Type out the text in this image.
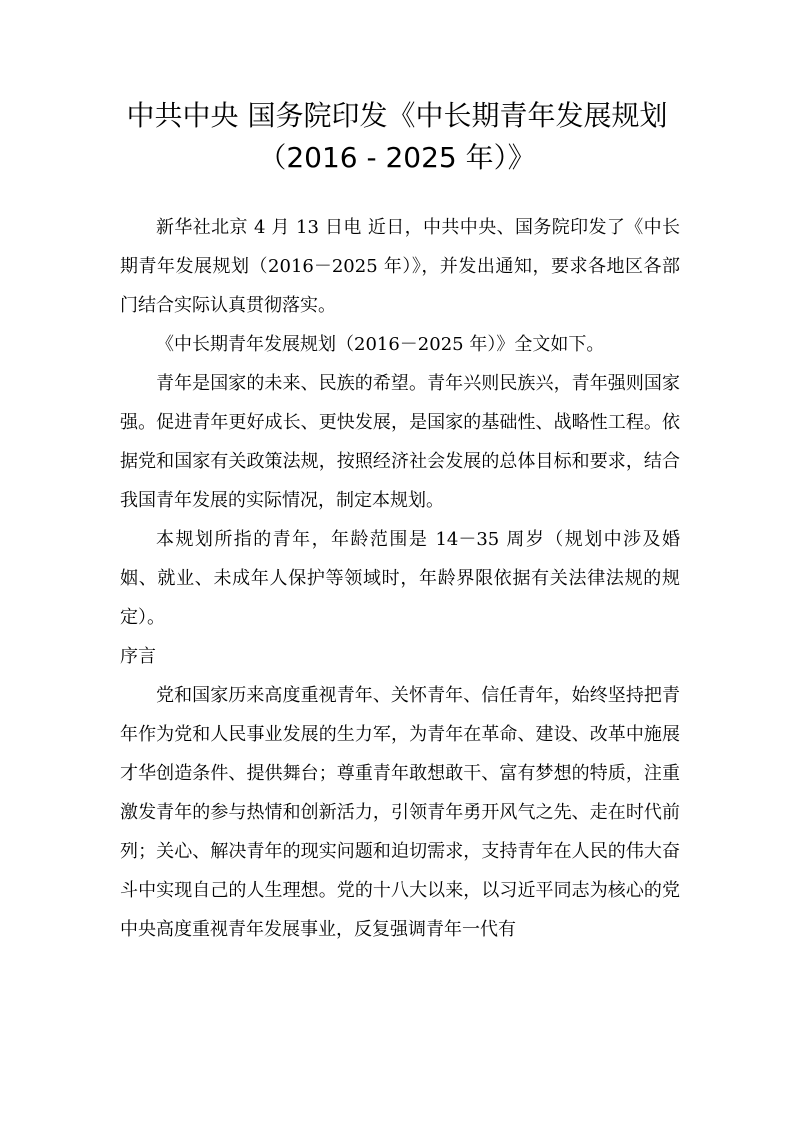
中共中央 国务院印发《中长期青年发展规划（2016 - 2025 年）》

新华社北京 4 月 13 日电 近日，中共中央、国务院印发了《中长期青年发展规划（2016－2025 年）》，并发出通知，要求各地区各部门结合实际认真贯彻落实。

《中长期青年发展规划（2016－2025 年）》全文如下。

青年是国家的未来、民族的希望。青年兴则民族兴，青年强则国家强。促进青年更好成长、更快发展，是国家的基础性、战略性工程。依据党和国家有关政策法规，按照经济社会发展的总体目标和要求，结合我国青年发展的实际情况，制定本规划。

本规划所指的青年，年龄范围是 14－35 周岁（规划中涉及婚姻、就业、未成年人保护等领域时，年龄界限依据有关法律法规的规定）。

序言

党和国家历来高度重视青年、关怀青年、信任青年，始终坚持把青年作为党和人民事业发展的生力军，为青年在革命、建设、改革中施展才华创造条件、提供舞台；尊重青年敢想敢干、富有梦想的特质，注重激发青年的参与热情和创新活力，引领青年勇开风气之先、走在时代前列；关心、解决青年的现实问题和迫切需求，支持青年在人民的伟大奋斗中实现自己的人生理想。党的十八大以来，以习近平同志为核心的党中央高度重视青年发展事业，反复强调青年一代有
